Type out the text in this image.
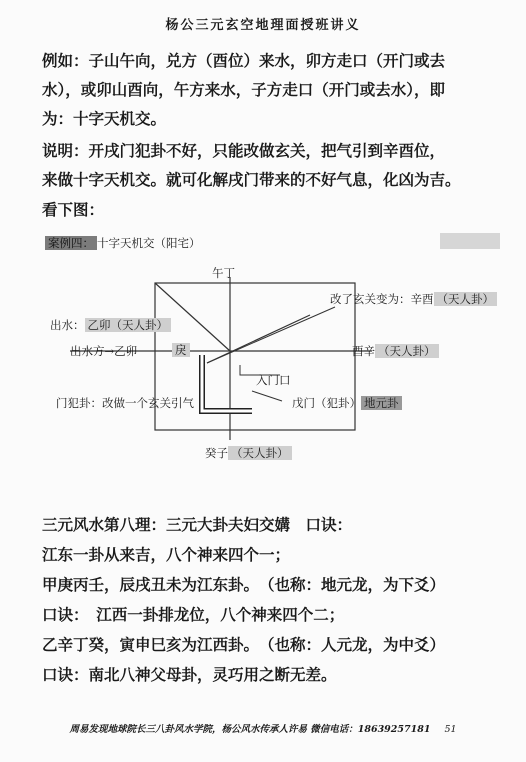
杨公三元玄空地理面授班讲义
例如：子山午向，兑方（酉位）来水，卯方走口（开门或去
水），或卯山酉向，午方来水，子方走口（开门或去水），即
为：十字天机交。
说明：开戌门犯卦不好，只能改做玄关，把气引到辛酉位，
来做十字天机交。就可化解戌门带来的不好气息，化凶为吉。
看下图：
案例四： 十字天机交（阳宅）
午丁
改了玄关变为：辛酉 （天人卦）
出水： 乙卯（天人卦）
出水方→乙卯	戾	酉辛 （天人卦）
入门口
门犯卦：改做一个玄关引气	戊门（犯卦） 地元卦
癸子 （天人卦）
三元风水第八理：三元大卦夫妇交媾　口诀：
江东一卦从来吉，八个神来四个一；
甲庚丙壬，辰戌丑未为江东卦。　（也称：地元龙，为下爻）
口诀：　江西一卦排龙位，八个神来四个二；
乙辛丁癸，寅申巳亥为江西卦。　（也称：人元龙，为中爻）
口诀：南北八神父母卦，灵巧用之断无差。
周易发现地球院长三八卦风水学院，杨公风水传承人许易 微信电话：18639257181 51
